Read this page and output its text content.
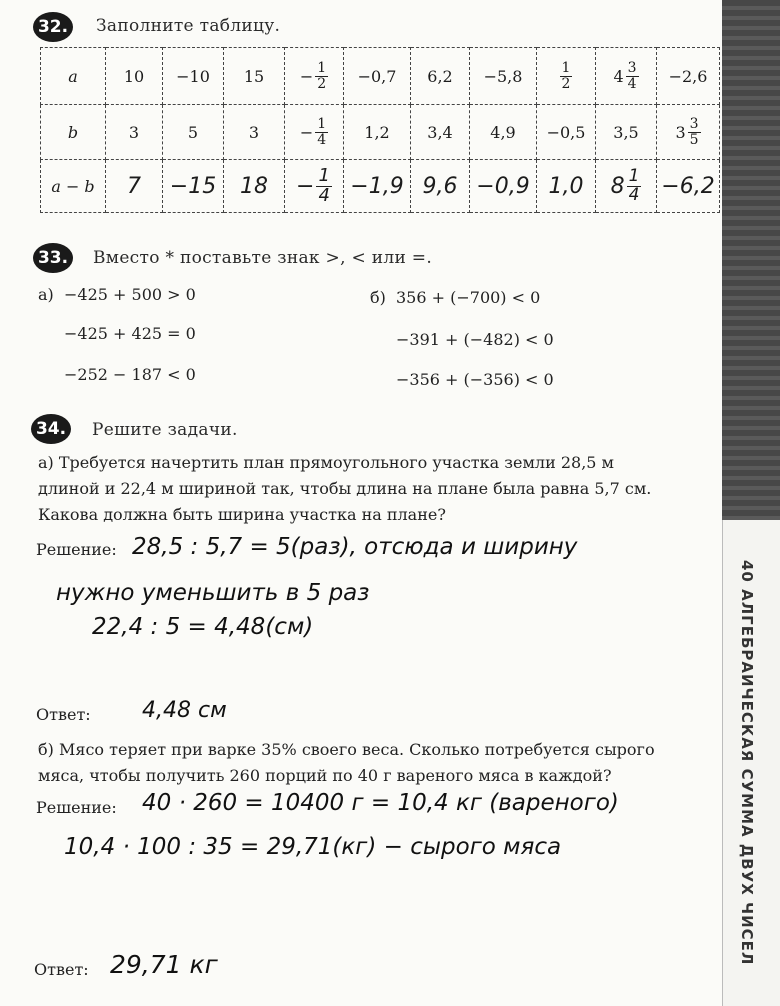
40 АЛГЕБРАИЧЕСКАЯ СУММА ДВУХ ЧИСЕЛ
32. Заполните таблицу.
a	10	−10	15	− $\frac{1}{2}$	−0,7	6,2	−5,8	$\frac{1}{2}$	$4 \frac{3}{4}$	−2,6
b	3	5	3	− $\frac{1}{4}$	1,2	3,4	4,9	−0,5	3,5	$3 \frac{3}{5}$

a − b	7	−15	18	− $\frac{1}{4}$	−1,9	9,6	−0,9	1,0	$8 \frac{1}{4}$	−6,2
33. Вместо * поставьте знак >, < или =.
а) −425 + 500 > 0
−425 + 425 = 0
−252 − 187 < 0
б) 356 + (−700) < 0
−391 + (−482) < 0
−356 + (−356) < 0
34. Решите задачи.
а) Требуется начертить план прямоугольного участка земли 28,5 м
длиной и 22,4 м шириной так, чтобы длина на плане была равна 5,7 см.
Какова должна быть ширина участка на плане?
Решение: 28,5 : 5,7 = 5(раз), отсюда и ширину
нужно уменьшить в 5 раз
22,4 : 5 = 4,48(см)
Ответ: 4,48 см
б) Мясо теряет при варке 35% своего веса. Сколько потребуется сырого
мяса, чтобы получить 260 порций по 40 г вареного мяса в каждой?
Решение: 40 · 260 = 10400 г = 10,4 кг (вареного)
10,4 · 100 : 35 = 29,71(кг) − сырого мяса
Ответ: 29,71 кг
